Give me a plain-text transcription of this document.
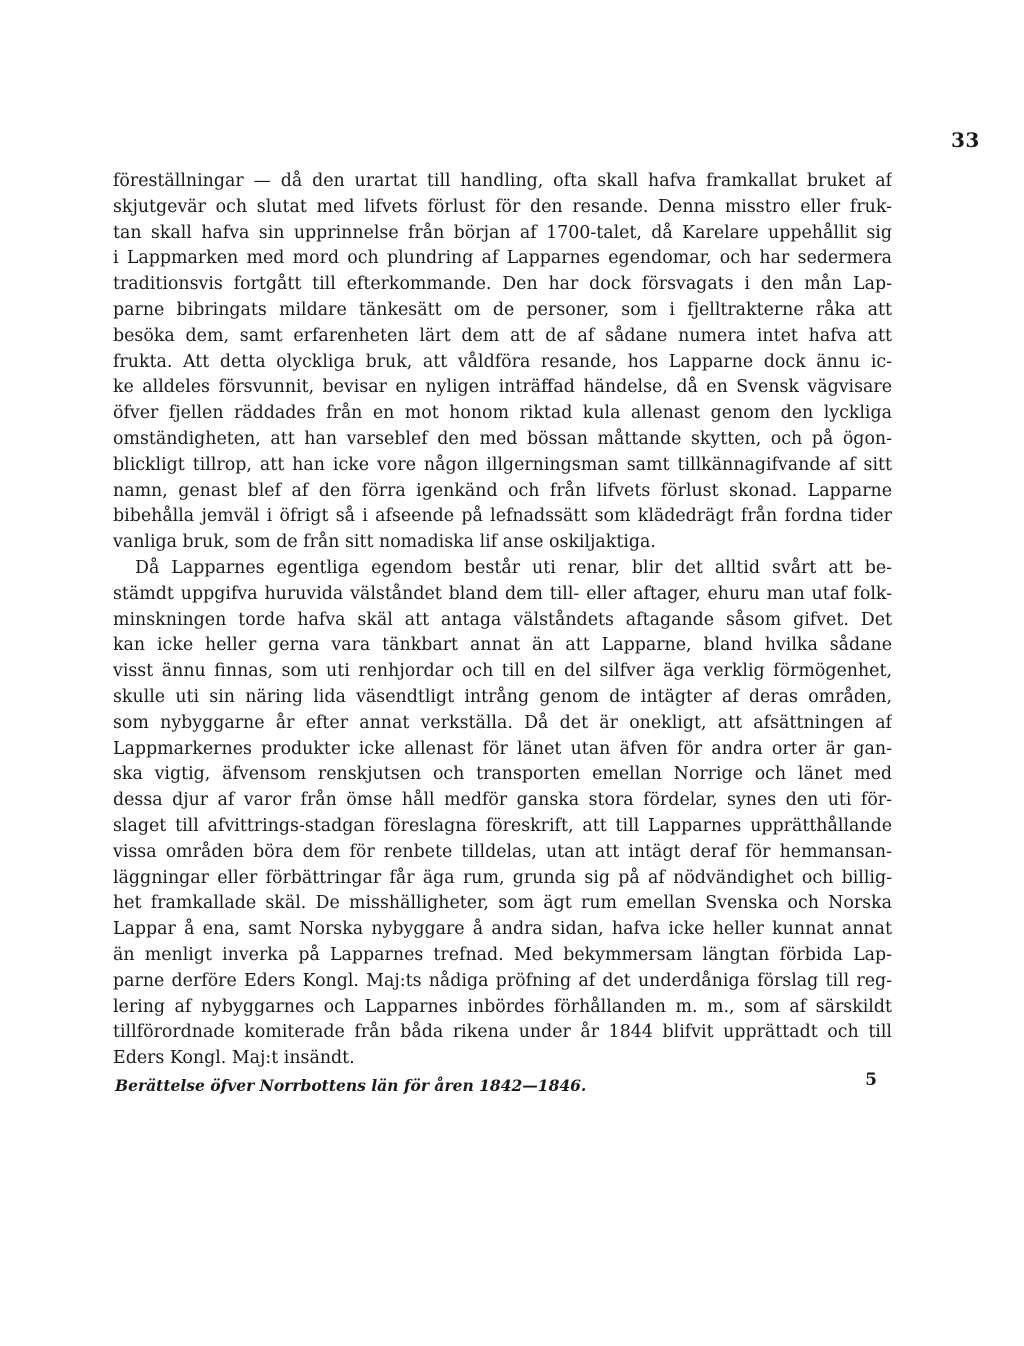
33
föreställningar — då den urartat till handling, ofta skall hafva framkallat bruket af
skjutgevär och slutat med lifvets förlust för den resande. Denna misstro eller fruk-
tan skall hafva sin upprinnelse från början af 1700-talet, då Karelare uppehållit sig
i Lappmarken med mord och plundring af Lapparnes egendomar, och har sedermera
traditionsvis fortgått till efterkommande. Den har dock försvagats i den mån Lap-
parne bibringats mildare tänkesätt om de personer, som i fjelltrakterne råka att
besöka dem, samt erfarenheten lärt dem att de af sådane numera intet hafva att
frukta. Att detta olyckliga bruk, att våldföra resande, hos Lapparne dock ännu ic-
ke alldeles försvunnit, bevisar en nyligen inträffad händelse, då en Svensk vägvisare
öfver fjellen räddades från en mot honom riktad kula allenast genom den lyckliga
omständigheten, att han varseblef den med bössan måttande skytten, och på ögon-
blickligt tillrop, att han icke vore någon illgerningsman samt tillkännagifvande af sitt
namn, genast blef af den förra igenkänd och från lifvets förlust skonad. Lapparne
bibehålla jemväl i öfrigt så i afseende på lefnadssätt som klädedrägt från fordna tider
vanliga bruk, som de från sitt nomadiska lif anse oskiljaktiga.
Då Lapparnes egentliga egendom består uti renar, blir det alltid svårt att be-
stämdt uppgifva huruvida välståndet bland dem till- eller aftager, ehuru man utaf folk-
minskningen torde hafva skäl att antaga välståndets aftagande såsom gifvet. Det
kan icke heller gerna vara tänkbart annat än att Lapparne, bland hvilka sådane
visst ännu finnas, som uti renhjordar och till en del silfver äga verklig förmögenhet,
skulle uti sin näring lida väsendtligt intrång genom de intägter af deras områden,
som nybyggarne år efter annat verkställa. Då det är onekligt, att afsättningen af
Lappmarkernes produkter icke allenast för länet utan äfven för andra orter är gan-
ska vigtig, äfvensom renskjutsen och transporten emellan Norrige och länet med
dessa djur af varor från ömse håll medför ganska stora fördelar, synes den uti för-
slaget till afvittrings-stadgan föreslagna föreskrift, att till Lapparnes upprätthållande
vissa områden böra dem för renbete tilldelas, utan att intägt deraf för hemmansan-
läggningar eller förbättringar får äga rum, grunda sig på af nödvändighet och billig-
het framkallade skäl. De misshälligheter, som ägt rum emellan Svenska och Norska
Lappar å ena, samt Norska nybyggare å andra sidan, hafva icke heller kunnat annat
än menligt inverka på Lapparnes trefnad. Med bekymmersam längtan förbida Lap-
parne derföre Eders Kongl. Maj:ts nådiga pröfning af det underdåniga förslag till reg-
lering af nybyggarnes och Lapparnes inbördes förhållanden m. m., som af särskildt
tillförordnade komiterade från båda rikena under år 1844 blifvit upprättadt och till
Eders Kongl. Maj:t insändt.
Berättelse öfver Norrbottens län för åren 1842—1846.	5
